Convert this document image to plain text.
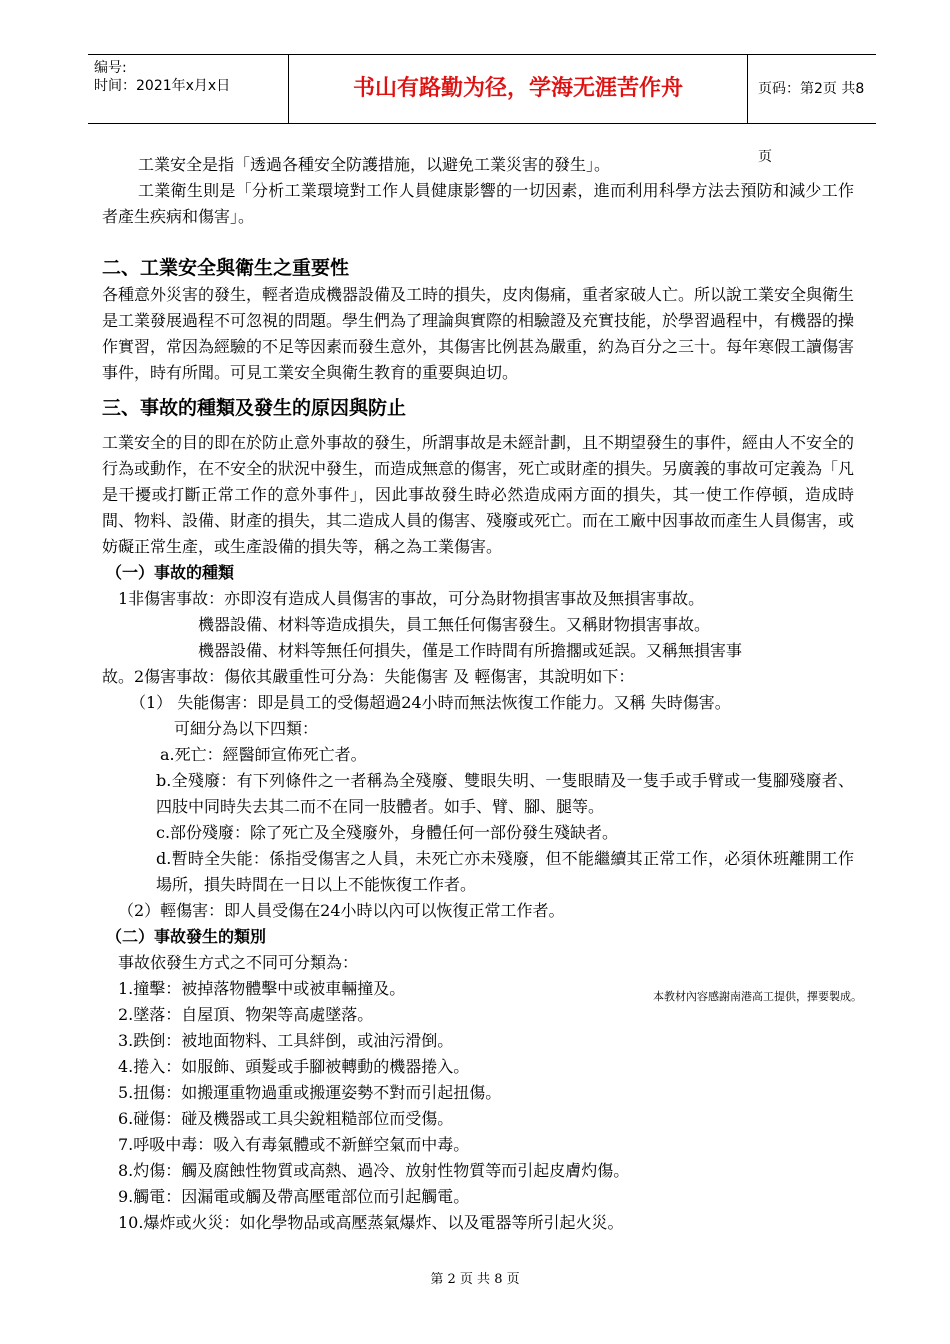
编号:
时间：2021年x月x日	书山有路勤为径，学海无涯苦作舟	页码：第2页 共8页

工業安全是指「透過各種安全防護措施，以避免工業災害的發生」。

工業衛生則是「分析工業環境對工作人員健康影響的一切因素，進而利用科學方法去預防和減少工作者產生疾病和傷害」。

二、工業安全與衛生之重要性

各種意外災害的發生，輕者造成機器設備及工時的損失，皮肉傷痛，重者家破人亡。所以說工業安全與衛生是工業發展過程不可忽視的問題。學生們為了理論與實際的相驗證及充實技能，於學習過程中，有機器的操作實習，常因為經驗的不足等因素而發生意外，其傷害比例甚為嚴重，約為百分之三十。每年寒假工讀傷害事件，時有所聞。可見工業安全與衛生教育的重要與迫切。

三、事故的種類及發生的原因與防止

工業安全的目的即在於防止意外事故的發生，所謂事故是未經計劃，且不期望發生的事件，經由人不安全的行為或動作，在不安全的狀況中發生，而造成無意的傷害，死亡或財產的損失。另廣義的事故可定義為「凡是干擾或打斷正常工作的意外事件」，因此事故發生時必然造成兩方面的損失，其一使工作停頓，造成時間、物料、設備、財產的損失，其二造成人員的傷害、殘廢或死亡。而在工廠中因事故而產生人員傷害，或妨礙正常生產，或生產設備的損失等，稱之為工業傷害。

（一）事故的種類

1非傷害事故：亦即沒有造成人員傷害的事故，可分為財物損害事故及無損害事故。

機器設備、材料等造成損失，員工無任何傷害發生。又稱財物損害事故。

機器設備、材料等無任何損失，僅是工作時間有所擔擱或延誤。又稱無損害事

故。2傷害事故：傷依其嚴重性可分為：失能傷害 及 輕傷害，其說明如下：

（1） 失能傷害：即是員工的受傷超過24小時而無法恢復工作能力。又稱 失時傷害。

可細分為以下四類：

a.死亡：經醫師宣佈死亡者。

b.全殘廢：有下列條件之一者稱為全殘廢、雙眼失明、一隻眼睛及一隻手或手臂或一隻腳殘廢者、四肢中同時失去其二而不在同一肢體者。如手、臂、腳、腿等。

c.部份殘廢：除了死亡及全殘廢外，身體任何一部份發生殘缺者。

d.暫時全失能：係指受傷害之人員，未死亡亦未殘廢，但不能繼續其正常工作，必須休班離開工作場所，損失時間在一日以上不能恢復工作者。

（2）輕傷害：即人員受傷在24小時以內可以恢復正常工作者。

（二）事故發生的類別

事故依發生方式之不同可分類為：

1.撞擊：被掉落物體擊中或被車輛撞及。

2.墜落：自屋頂、物架等高處墜落。

3.跌倒：被地面物料、工具絆倒，或油污滑倒。

4.捲入：如服飾、頭髮或手腳被轉動的機器捲入。

5.扭傷：如搬運重物過重或搬運姿勢不對而引起扭傷。

6.碰傷：碰及機器或工具尖銳粗糙部位而受傷。

7.呼吸中毒：吸入有毒氣體或不新鮮空氣而中毒。

8.灼傷：觸及腐蝕性物質或高熱、過冷、放射性物質等而引起皮膚灼傷。

9.觸電：因漏電或觸及帶高壓電部位而引起觸電。

10.爆炸或火災：如化學物品或高壓蒸氣爆炸、以及電器等所引起火災。

本教材內容感謝南港高工提供，擇要製成。
第 2 页 共 8 页
